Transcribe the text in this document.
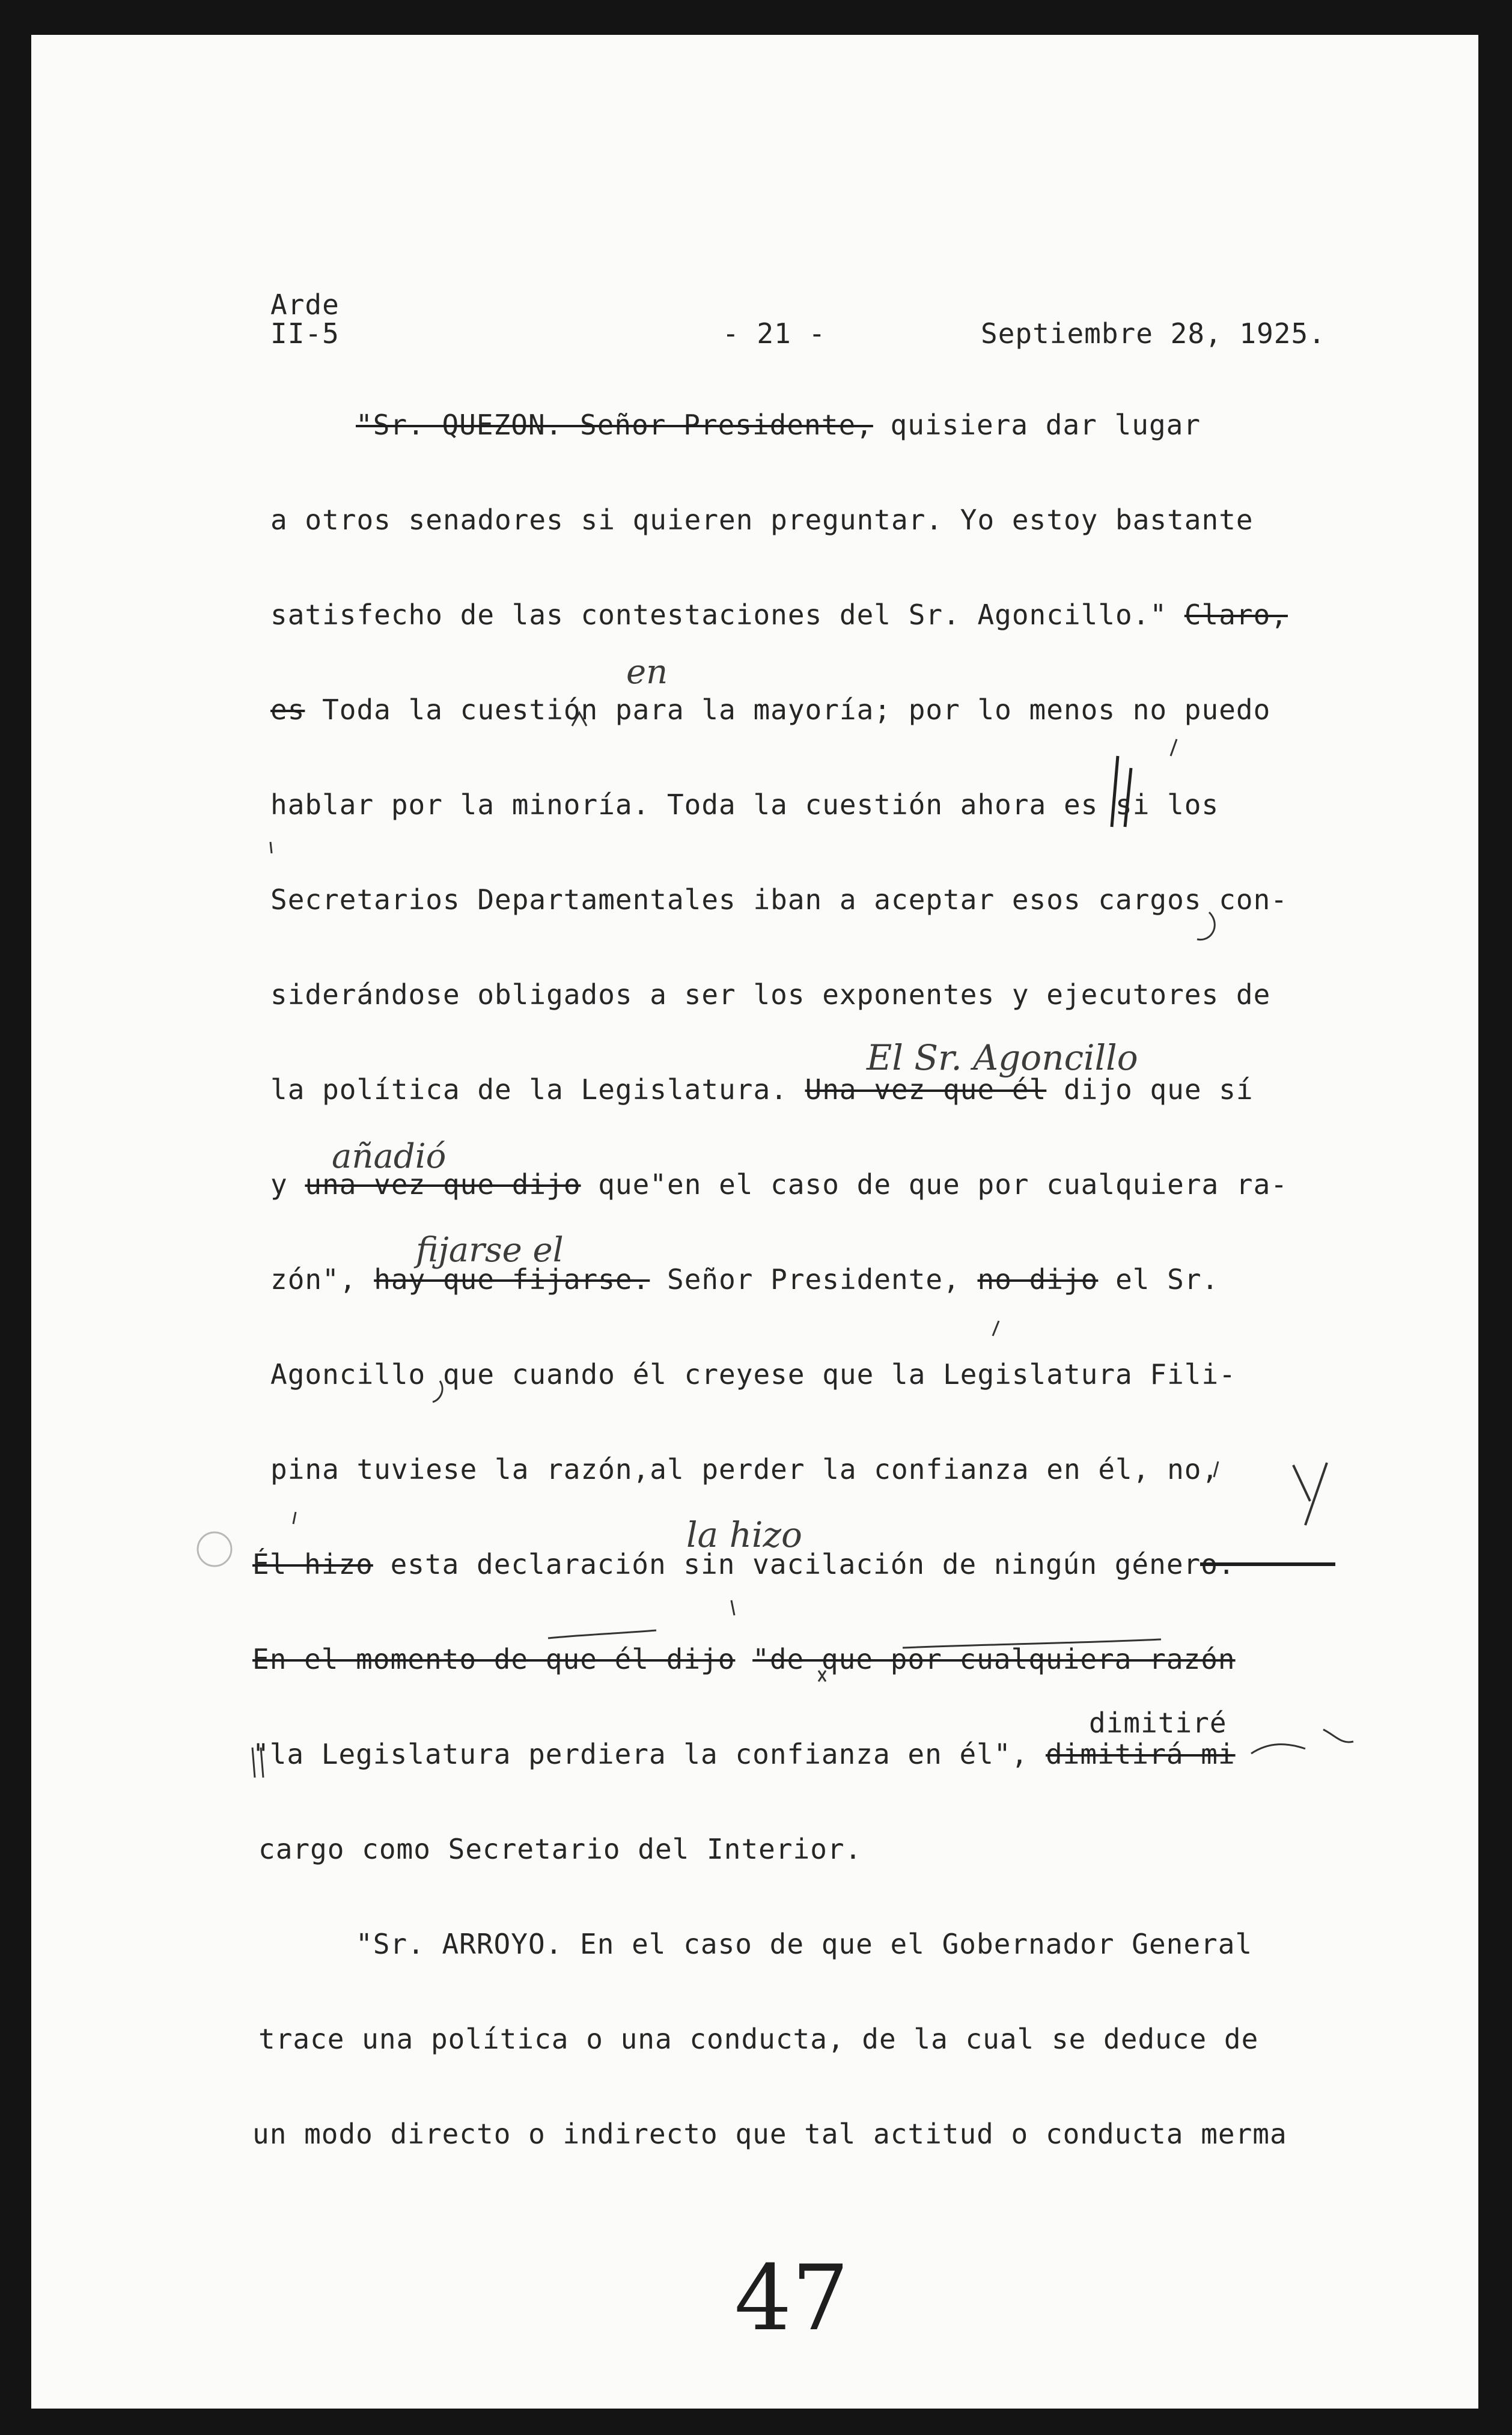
Arde
II-5	- 21 -	Septiembre 28, 1925.
"Sr. QUEZON. Señor Presidente, quisiera dar lugar
a otros senadores si quieren preguntar. Yo estoy bastante
satisfecho de las contestaciones del Sr. Agoncillo." Claro,
en
es Toda la cuestión para la mayoría; por lo menos no puedo
hablar por la minoría. Toda la cuestión ahora es si los
Secretarios Departamentales iban a aceptar esos cargos con-
siderándose obligados a ser los exponentes y ejecutores de
El Sr. Agoncillo
la política de la Legislatura. Una vez que él dijo que sí
añadió
y una vez que dijo que"en el caso de que por cualquiera ra-
fijarse el
zón", hay que fijarse. Señor Presidente, no dijo el Sr.
Agoncillo que cuando él creyese que la Legislatura Fili-
pina tuviese la razón,al perder la confianza en él, no,
la hizo
Él hizo esta declaración sin vacilación de ningún género.
En el momento de que él dijo "de que por cualquiera razón
dimitiré
"la Legislatura perdiera la confianza en él", dimitirá mi
cargo como Secretario del Interior.
"Sr. ARROYO. En el caso de que el Gobernador General
trace una política o una conducta, de la cual se deduce de
un modo directo o indirecto que tal actitud o conducta merma
47
